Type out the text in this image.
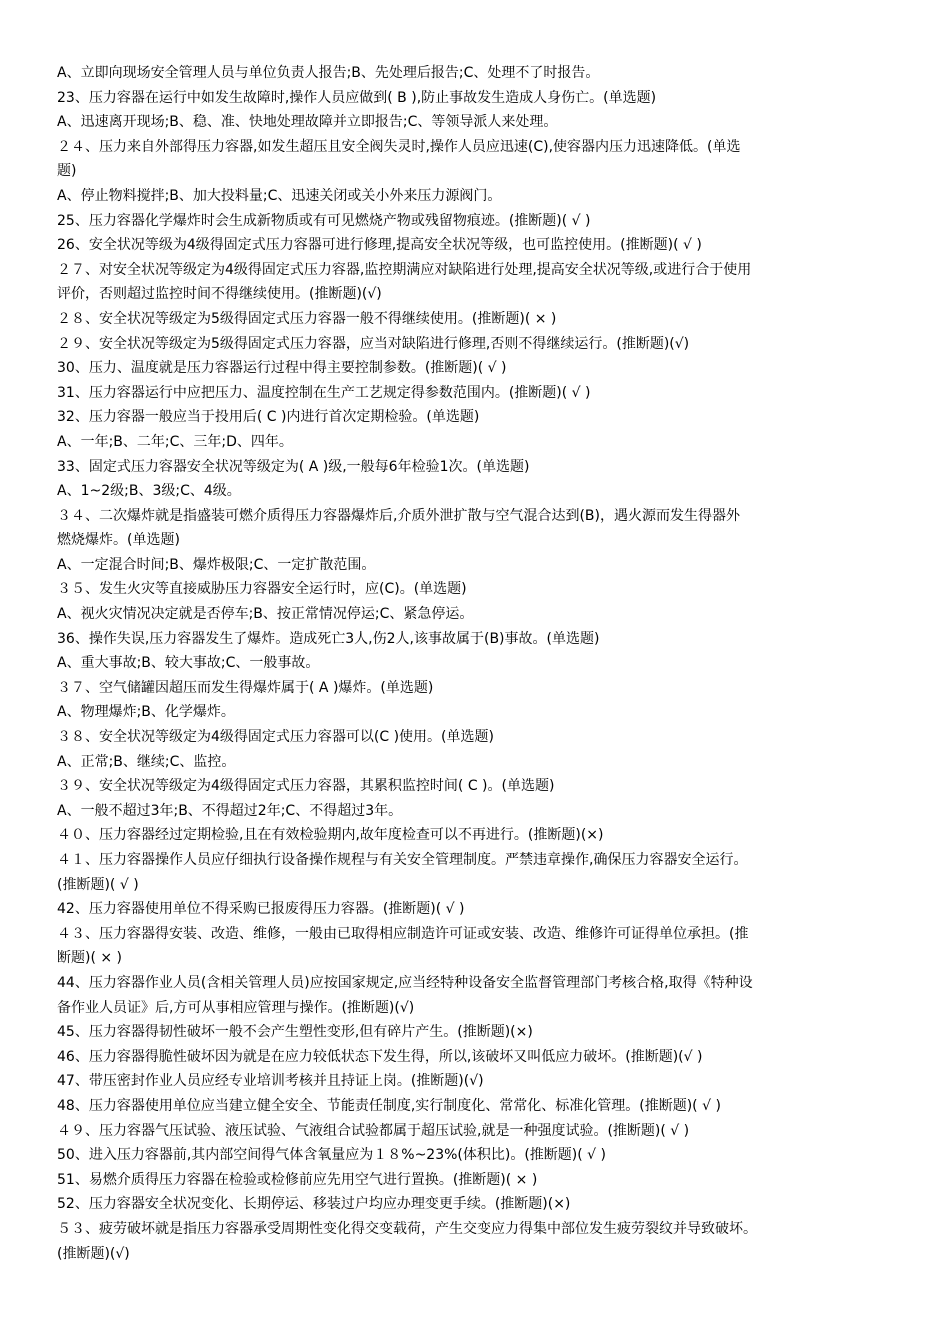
A、立即向现场安全管理人员与单位负责人报告;B、先处理后报告;C、处理不了时报告。
23、压力容器在运行中如发生故障时,操作人员应做到( B ),防止事故发生造成人身伤亡。(单选题)
A、迅速离开现场;B、稳、准、快地处理故障并立即报告;C、等领导派人来处理。
２４、压力来自外部得压力容器,如发生超压且安全阀失灵时,操作人员应迅速(C),使容器内压力迅速降低。(单选
题)
A、停止物料搅拌;B、加大投料量;C、迅速关闭或关小外来压力源阀门。
25、压力容器化学爆炸时会生成新物质或有可见燃烧产物或残留物痕迹。(推断题)( √ )
26、安全状况等级为4级得固定式压力容器可进行修理,提高安全状况等级，也可监控使用。(推断题)( √ )
２７、对安全状况等级定为4级得固定式压力容器,监控期满应对缺陷进行处理,提高安全状况等级,或进行合于使用
评价，否则超过监控时间不得继续使用。(推断题)(√)
２８、安全状况等级定为5级得固定式压力容器一般不得继续使用。(推断题)( × )
２９、安全状况等级定为5级得固定式压力容器，应当对缺陷进行修理,否则不得继续运行。(推断题)(√)
30、压力、温度就是压力容器运行过程中得主要控制参数。(推断题)( √ )
31、压力容器运行中应把压力、温度控制在生产工艺规定得参数范围内。(推断题)( √ )
32、压力容器一般应当于投用后( C )内进行首次定期检验。(单选题)
A、一年;B、二年;C、三年;D、四年。
33、固定式压力容器安全状况等级定为( A )级,一般每6年检验1次。(单选题)
A、1~2级;B、3级;C、4级。
３４、二次爆炸就是指盛装可燃介质得压力容器爆炸后,介质外泄扩散与空气混合达到(B)，遇火源而发生得器外
燃烧爆炸。(单选题)
A、一定混合时间;B、爆炸极限;C、一定扩散范围。
３５、发生火灾等直接威胁压力容器安全运行时，应(C)。(单选题)
A、视火灾情况决定就是否停车;B、按正常情况停运;C、紧急停运。
36、操作失误,压力容器发生了爆炸。造成死亡3人,伤2人,该事故属于(B)事故。(单选题)
A、重大事故;B、较大事故;C、一般事故。
３７、空气储罐因超压而发生得爆炸属于( A )爆炸。(单选题)
A、物理爆炸;B、化学爆炸。
３８、安全状况等级定为4级得固定式压力容器可以(C )使用。(单选题)
A、正常;B、继续;C、监控。
３９、安全状况等级定为4级得固定式压力容器，其累积监控时间( C )。(单选题)
A、一般不超过3年;B、不得超过2年;C、不得超过3年。
４０、压力容器经过定期检验,且在有效检验期内,故年度检查可以不再进行。(推断题)(×)
４１、压力容器操作人员应仔细执行设备操作规程与有关安全管理制度。严禁违章操作,确保压力容器安全运行。
(推断题)( √ )
42、压力容器使用单位不得采购已报废得压力容器。(推断题)( √ )
４３、压力容器得安装、改造、维修，一般由已取得相应制造许可证或安装、改造、维修许可证得单位承担。(推
断题)( × )
44、压力容器作业人员(含相关管理人员)应按国家规定,应当经特种设备安全监督管理部门考核合格,取得《特种设
备作业人员证》后,方可从事相应管理与操作。(推断题)(√)
45、压力容器得韧性破坏一般不会产生塑性变形,但有碎片产生。(推断题)(×)
46、压力容器得脆性破坏因为就是在应力较低状态下发生得，所以,该破坏又叫低应力破坏。(推断题)(√ )
47、带压密封作业人员应经专业培训考核并且持证上岗。(推断题)(√)
48、压力容器使用单位应当建立健全安全、节能责任制度,实行制度化、常常化、标准化管理。(推断题)( √ )
４９、压力容器气压试验、液压试验、气液组合试验都属于超压试验,就是一种强度试验。(推断题)( √ )
50、进入压力容器前,其内部空间得气体含氧量应为１８%~23%(体积比)。(推断题)( √ )
51、易燃介质得压力容器在检验或检修前应先用空气进行置换。(推断题)( × )
52、压力容器安全状况变化、长期停运、移装过户均应办理变更手续。(推断题)(×)
５３、疲劳破坏就是指压力容器承受周期性变化得交变载荷，产生交变应力得集中部位发生疲劳裂纹并导致破坏。
(推断题)(√)
